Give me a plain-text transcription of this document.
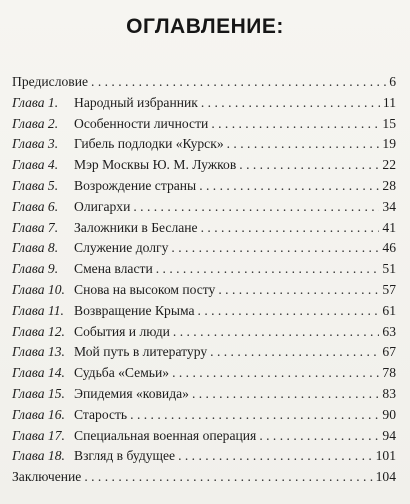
ОГЛАВЛЕНИЕ:
Предисловие . . .	6
Глава 1.	Народный избранник . . .	11
Глава 2.	Особенности личности . . .	15
Глава 3.	Гибель подлодки «Курск» . . .	19
Глава 4.	Мэр Москвы Ю. М. Лужков . . .	22
Глава 5.	Возрождение страны . . .	28
Глава 6.	Олигархи . . .	34
Глава 7.	Заложники в Беслане . . .	41
Глава 8.	Служение долгу . . .	46
Глава 9.	Смена власти . . .	51
Глава 10. Снова на высоком посту . . .	57
Глава 11. Возвращение Крыма . . .	61
Глава 12. События и люди . . .	63
Глава 13. Мой путь в литературу . . .	67
Глава 14. Судьба «Семьи» . . .	78
Глава 15. Эпидемия «ковида» . . .	83
Глава 16. Старость . . .	90
Глава 17. Специальная военная операция . . .	94
Глава 18. Взгляд в будущее . . .	101
Заключение . . .	104
